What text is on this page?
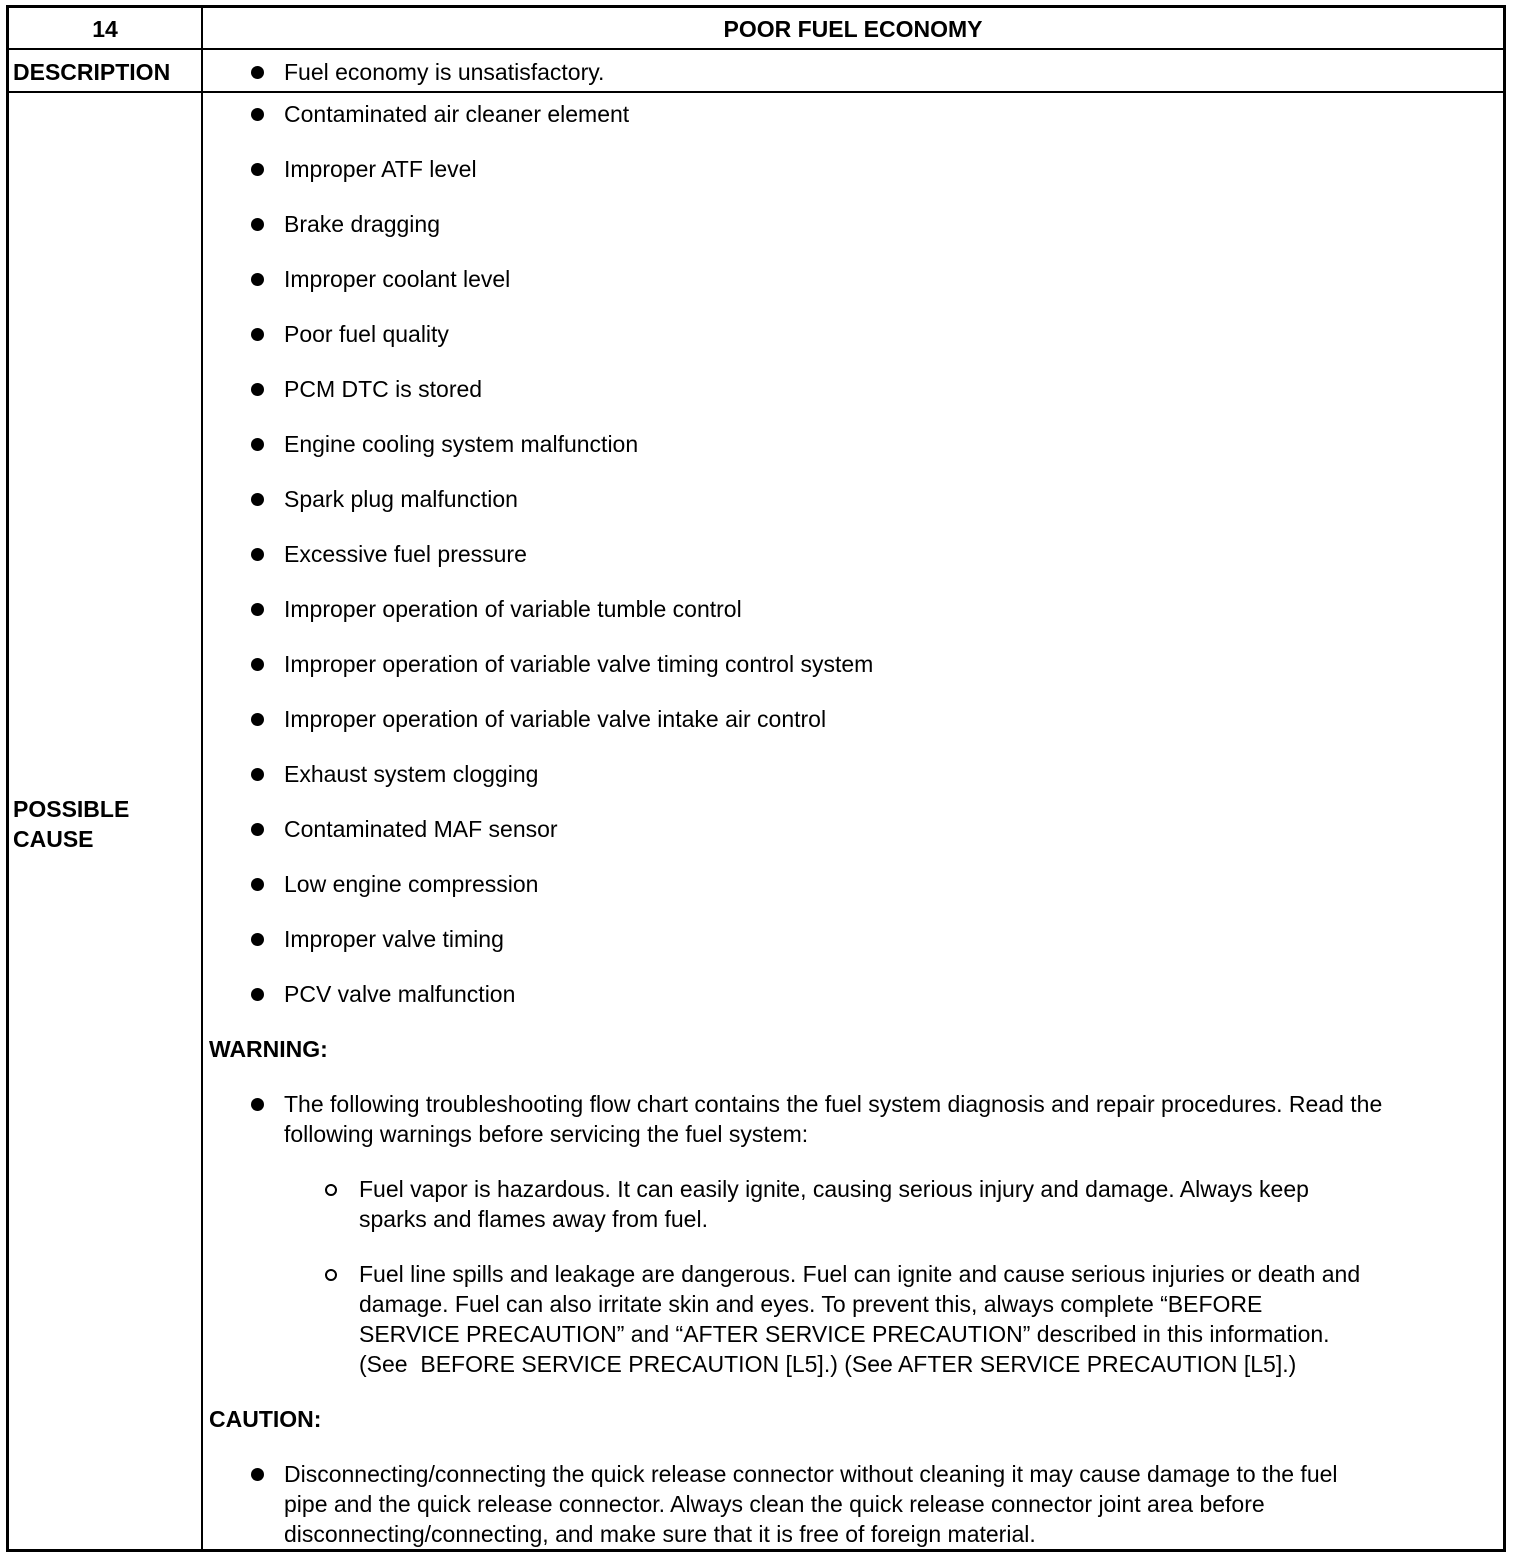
14	POOR FUEL ECONOMY
DESCRIPTION
POSSIBLE
CAUSE
Fuel economy is unsatisfactory.
Contaminated air cleaner element
Improper ATF level
Brake dragging
Improper coolant level
Poor fuel quality
PCM DTC is stored
Engine cooling system malfunction
Spark plug malfunction
Excessive fuel pressure
Improper operation of variable tumble control
Improper operation of variable valve timing control system
Improper operation of variable valve intake air control
Exhaust system clogging
Contaminated MAF sensor
Low engine compression
Improper valve timing
PCV valve malfunction
WARNING:
The following troubleshooting flow chart contains the fuel system diagnosis and repair procedures. Read the
following warnings before servicing the fuel system:
Fuel vapor is hazardous. It can easily ignite, causing serious injury and damage. Always keep
sparks and flames away from fuel.
Fuel line spills and leakage are dangerous. Fuel can ignite and cause serious injuries or death and
damage. Fuel can also irritate skin and eyes. To prevent this, always complete “BEFORE
SERVICE PRECAUTION” and “AFTER SERVICE PRECAUTION” described in this information.
(See  BEFORE SERVICE PRECAUTION [L5].) (See AFTER SERVICE PRECAUTION [L5].)
CAUTION:
Disconnecting/connecting the quick release connector without cleaning it may cause damage to the fuel
pipe and the quick release connector. Always clean the quick release connector joint area before
disconnecting/connecting, and make sure that it is free of foreign material.
